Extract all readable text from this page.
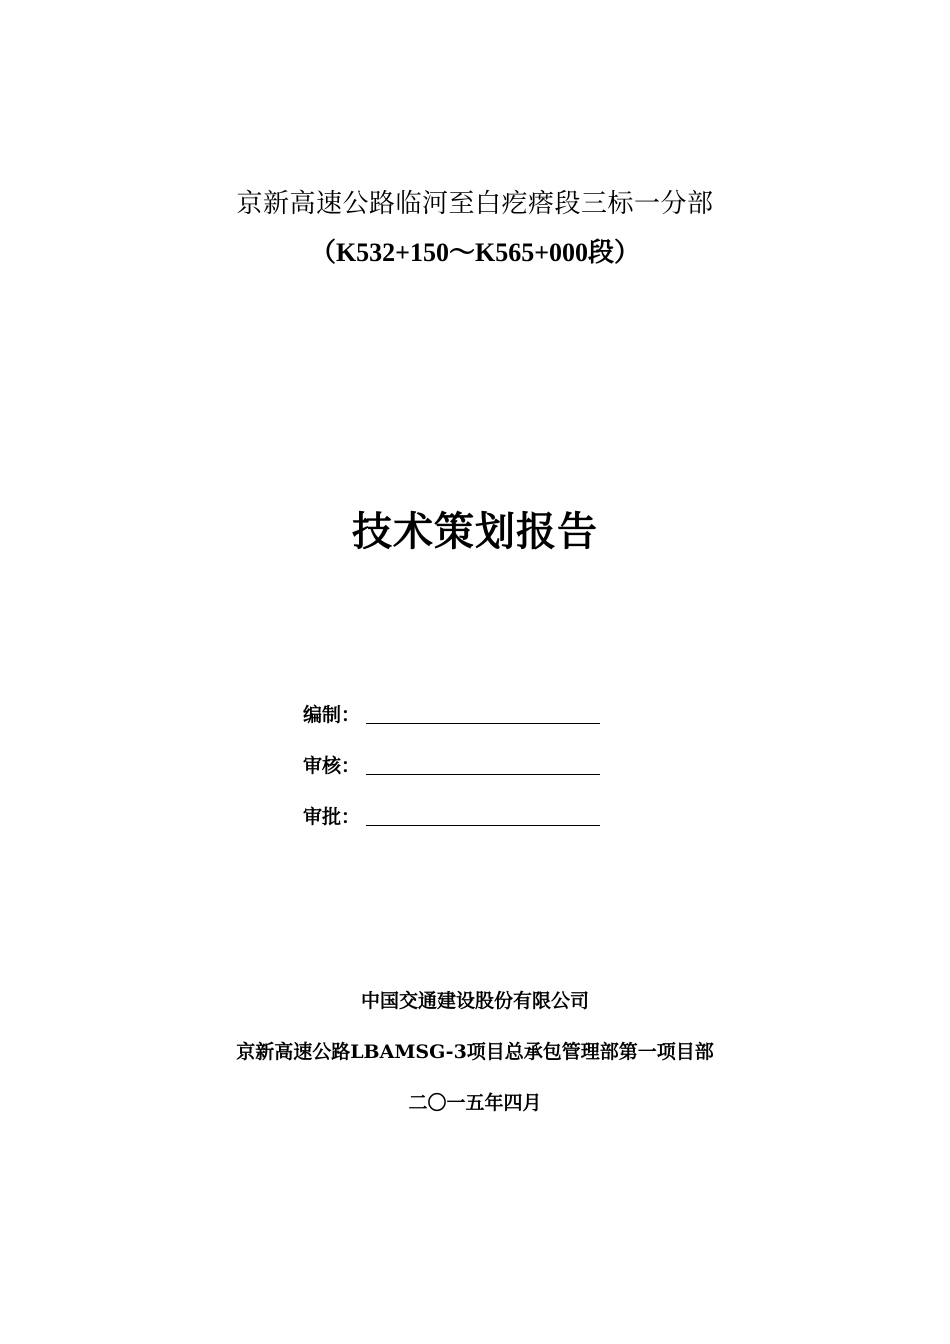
京新高速公路临河至白疙瘩段三标一分部
（K532+150～K565+000段）
技术策划报告
编制：
审核：
审批：
中国交通建设股份有限公司
京新高速公路LBAMSG-3项目总承包管理部第一项目部
二〇一五年四月
